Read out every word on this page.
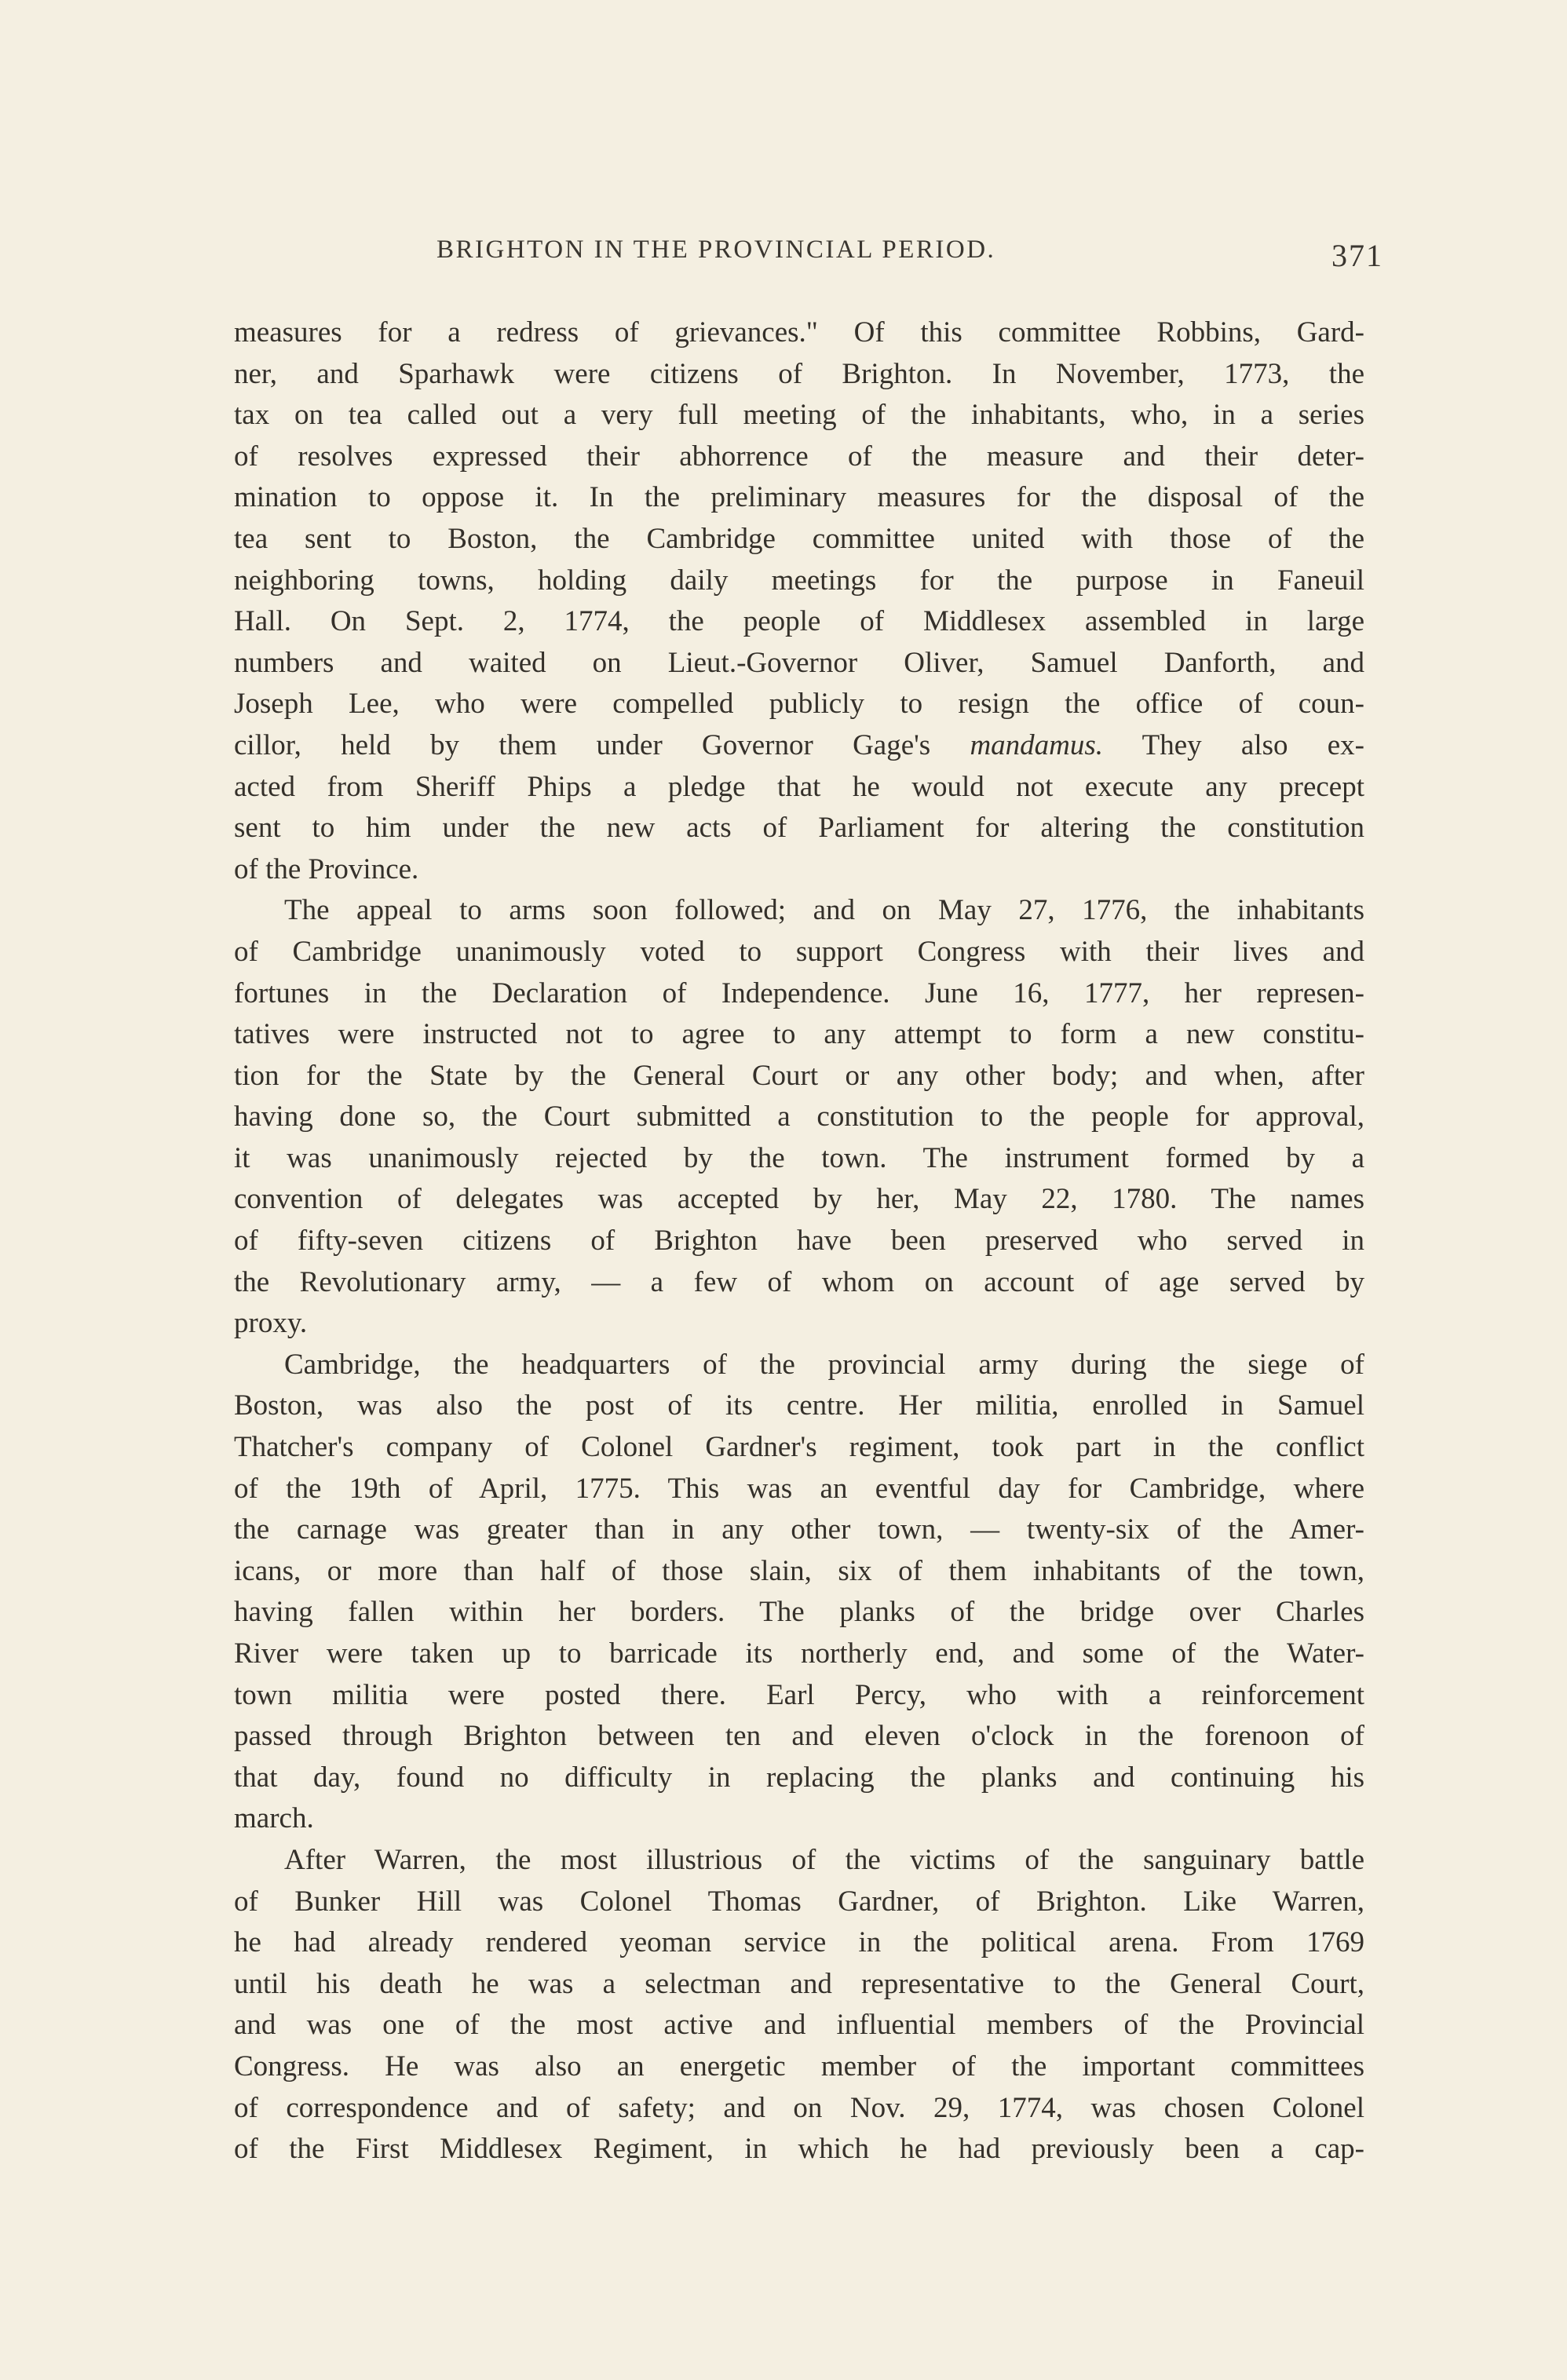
BRIGHTON IN THE PROVINCIAL PERIOD.	371
measures for a redress of grievances." Of this committee Robbins, Gard-
ner, and Sparhawk were citizens of Brighton. In November, 1773, the
tax on tea called out a very full meeting of the inhabitants, who, in a series
of resolves expressed their abhorrence of the measure and their deter-
mination to oppose it. In the preliminary measures for the disposal of the
tea sent to Boston, the Cambridge committee united with those of the
neighboring towns, holding daily meetings for the purpose in Faneuil
Hall. On Sept. 2, 1774, the people of Middlesex assembled in large
numbers and waited on Lieut.-Governor Oliver, Samuel Danforth, and
Joseph Lee, who were compelled publicly to resign the office of coun-
cillor, held by them under Governor Gage's mandamus. They also ex-
acted from Sheriff Phips a pledge that he would not execute any precept
sent to him under the new acts of Parliament for altering the constitution
of the Province.
The appeal to arms soon followed; and on May 27, 1776, the inhabitants
of Cambridge unanimously voted to support Congress with their lives and
fortunes in the Declaration of Independence. June 16, 1777, her represen-
tatives were instructed not to agree to any attempt to form a new constitu-
tion for the State by the General Court or any other body; and when, after
having done so, the Court submitted a constitution to the people for approval,
it was unanimously rejected by the town. The instrument formed by a
convention of delegates was accepted by her, May 22, 1780. The names
of fifty-seven citizens of Brighton have been preserved who served in
the Revolutionary army, — a few of whom on account of age served by
proxy.
Cambridge, the headquarters of the provincial army during the siege of
Boston, was also the post of its centre. Her militia, enrolled in Samuel
Thatcher's company of Colonel Gardner's regiment, took part in the conflict
of the 19th of April, 1775. This was an eventful day for Cambridge, where
the carnage was greater than in any other town, — twenty-six of the Amer-
icans, or more than half of those slain, six of them inhabitants of the town,
having fallen within her borders. The planks of the bridge over Charles
River were taken up to barricade its northerly end, and some of the Water-
town militia were posted there. Earl Percy, who with a reinforcement
passed through Brighton between ten and eleven o'clock in the forenoon of
that day, found no difficulty in replacing the planks and continuing his
march.
After Warren, the most illustrious of the victims of the sanguinary battle
of Bunker Hill was Colonel Thomas Gardner, of Brighton. Like Warren,
he had already rendered yeoman service in the political arena. From 1769
until his death he was a selectman and representative to the General Court,
and was one of the most active and influential members of the Provincial
Congress. He was also an energetic member of the important committees
of correspondence and of safety; and on Nov. 29, 1774, was chosen Colonel
of the First Middlesex Regiment, in which he had previously been a cap-
